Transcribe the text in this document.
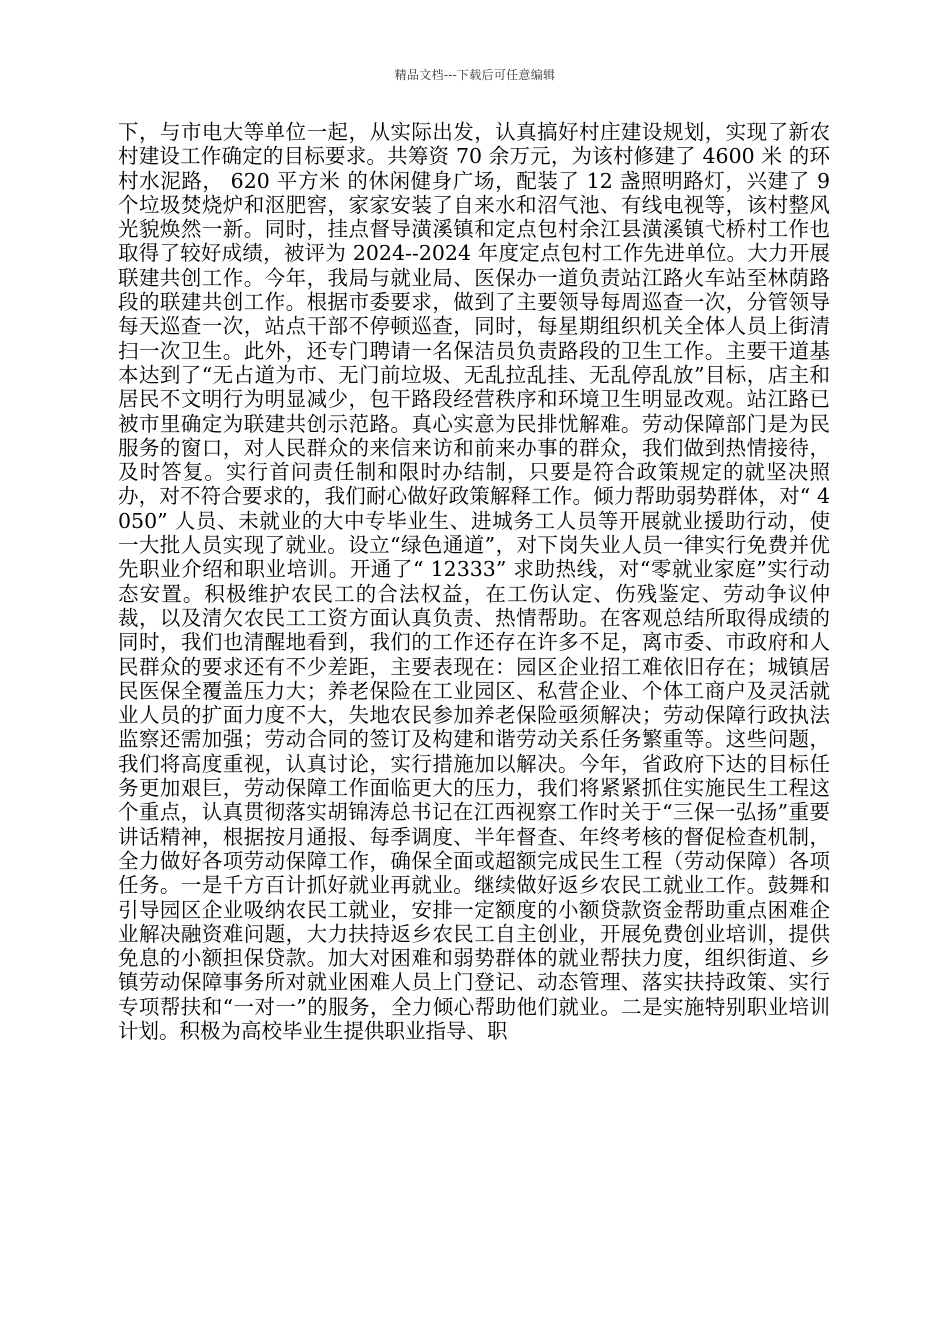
精品文档---下载后可任意编辑

下，与市电大等单位一起，从实际出发，认真搞好村庄建设规划，实现了新农村建设工作确定的目标要求。共筹资 70 余万元，为该村修建了 4600 米 的环村水泥路， 620 平方米 的休闲健身广场，配装了 12 盏照明路灯，兴建了 9 个垃圾焚烧炉和沤肥窖，家家安装了自来水和沼气池、有线电视等，该村整风光貌焕然一新。同时，挂点督导潢溪镇和定点包村余江县潢溪镇弋桥村工作也取得了较好成绩，被评为 2024--2024 年度定点包村工作先进单位。大力开展联建共创工作。今年，我局与就业局、医保办一道负责站江路火车站至林荫路段的联建共创工作。根据市委要求，做到了主要领导每周巡查一次，分管领导每天巡查一次，站点干部不停顿巡查，同时，每星期组织机关全体人员上街清扫一次卫生。此外，还专门聘请一名保洁员负责路段的卫生工作。主要干道基本达到了“无占道为市、无门前垃圾、无乱拉乱挂、无乱停乱放”目标，店主和居民不文明行为明显减少，包干路段经营秩序和环境卫生明显改观。站江路已被市里确定为联建共创示范路。真心实意为民排忧解难。劳动保障部门是为民服务的窗口，对人民群众的来信来访和前来办事的群众，我们做到热情接待，及时答复。实行首问责任制和限时办结制，只要是符合政策规定的就坚决照办，对不符合要求的，我们耐心做好政策解释工作。倾力帮助弱势群体，对“ 4050” 人员、未就业的大中专毕业生、进城务工人员等开展就业援助行动，使一大批人员实现了就业。设立“绿色通道”，对下岗失业人员一律实行免费并优先职业介绍和职业培训。开通了“ 12333” 求助热线，对“零就业家庭”实行动态安置。积极维护农民工的合法权益，在工伤认定、伤残鉴定、劳动争议仲裁，以及清欠农民工工资方面认真负责、热情帮助。在客观总结所取得成绩的同时，我们也清醒地看到，我们的工作还存在许多不足，离市委、市政府和人民群众的要求还有不少差距，主要表现在：园区企业招工难依旧存在；城镇居民医保全覆盖压力大；养老保险在工业园区、私营企业、个体工商户及灵活就业人员的扩面力度不大，失地农民参加养老保险亟须解决；劳动保障行政执法监察还需加强；劳动合同的签订及构建和谐劳动关系任务繁重等。这些问题，我们将高度重视，认真讨论，实行措施加以解决。今年，省政府下达的目标任务更加艰巨，劳动保障工作面临更大的压力，我们将紧紧抓住实施民生工程这个重点，认真贯彻落实胡锦涛总书记在江西视察工作时关于“三保一弘扬”重要讲话精神，根据按月通报、每季调度、半年督查、年终考核的督促检查机制，全力做好各项劳动保障工作，确保全面或超额完成民生工程（劳动保障）各项任务。一是千方百计抓好就业再就业。继续做好返乡农民工就业工作。鼓舞和引导园区企业吸纳农民工就业，安排一定额度的小额贷款资金帮助重点困难企业解决融资难问题，大力扶持返乡农民工自主创业，开展免费创业培训，提供免息的小额担保贷款。加大对困难和弱势群体的就业帮扶力度，组织街道、乡镇劳动保障事务所对就业困难人员上门登记、动态管理、落实扶持政策、实行专项帮扶和“一对一”的服务，全力倾心帮助他们就业。二是实施特别职业培训计划。积极为高校毕业生提供职业指导、职
